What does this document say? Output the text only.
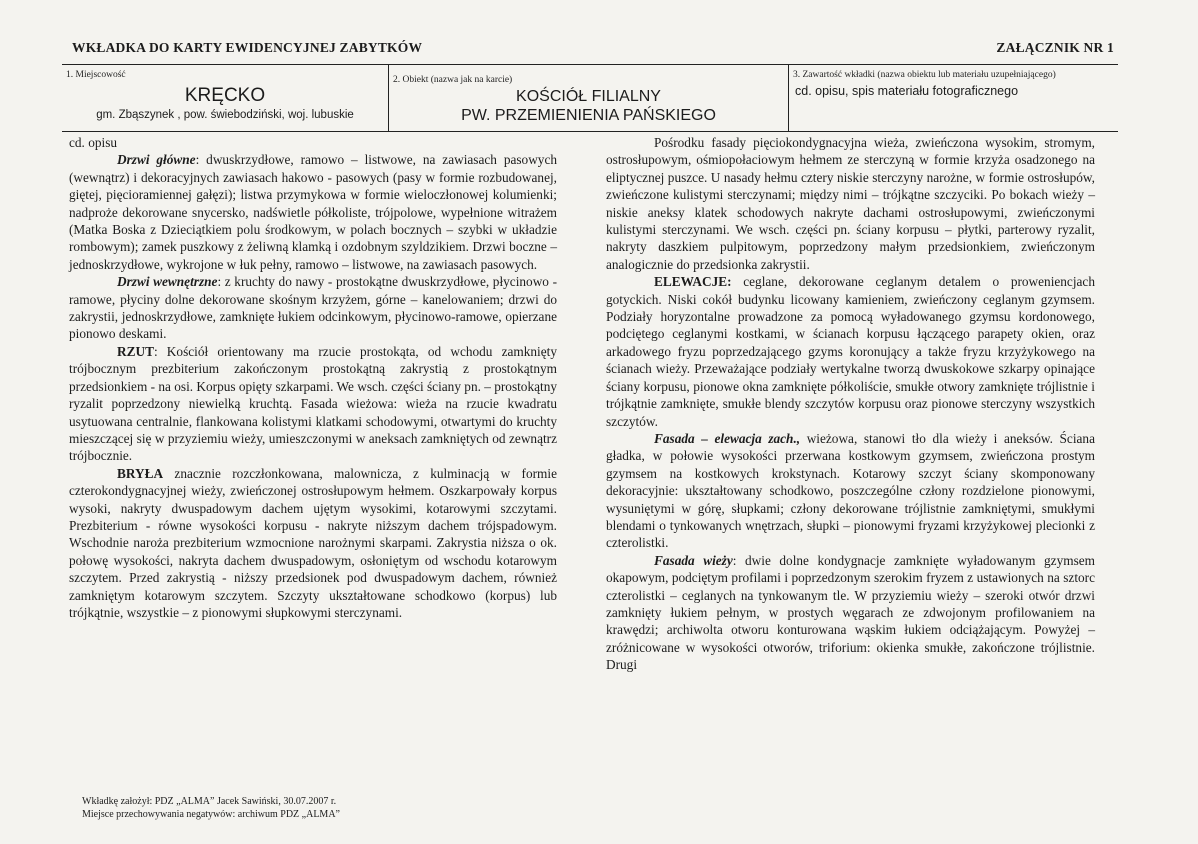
WKŁADKA DO KARTY EWIDENCYJNEJ ZABYTKÓW	ZAŁĄCZNIK NR 1
1. Miejscowość
KRĘCKO
gm. Zbąszynek , pow. świebodziński, woj. lubuskie
2. Obiekt (nazwa jak na karcie)
KOŚCIÓŁ FILIALNY
PW. PRZEMIENIENIA PAŃSKIEGO
3. Zawartość wkładki (nazwa obiektu lub materiału uzupełniającego)
cd. opisu, spis materiału fotograficznego

cd. opisu

Drzwi główne: dwuskrzydłowe, ramowo – listwowe, na zawiasach pasowych (wewnątrz) i dekoracyjnych zawiasach hakowo - pasowych (pasy w formie rozbudowanej, giętej, pięcioramiennej gałęzi); listwa przymykowa w formie wieloczłonowej kolumienki; nadproże dekorowane snycersko, nadświetle półkoliste, trójpolowe, wypełnione witrażem (Matka Boska z Dzieciątkiem polu środkowym, w polach bocznych – szybki w układzie rombowym); zamek puszkowy z żeliwną klamką i ozdobnym szyldzikiem. Drzwi boczne – jednoskrzydłowe, wykrojone w łuk pełny, ramowo – listwowe, na zawiasach pasowych.

Drzwi wewnętrzne: z kruchty do nawy - prostokątne dwuskrzydłowe, płycinowo - ramowe, płyciny dolne dekorowane skośnym krzyżem, górne – kanelowaniem; drzwi do zakrystii, jednoskrzydłowe, zamknięte łukiem odcinkowym, płycinowo-ramowe, opierzane pionowo deskami.

RZUT: Kościół orientowany ma rzucie prostokąta, od wchodu zamknięty trójbocznym prezbiterium zakończonym prostokątną zakrystią z prostokątnym przedsionkiem - na osi. Korpus opięty szkarpami. We wsch. części ściany pn. – prostokątny ryzalit poprzedzony niewielką kruchtą. Fasada wieżowa: wieża na rzucie kwadratu usytuowana centralnie, flankowana kolistymi klatkami schodowymi, otwartymi do kruchty mieszczącej się w przyziemiu wieży, umieszczonymi w aneksach zamkniętych od zewnątrz trójbocznie.

BRYŁA znacznie rozczłonkowana, malownicza, z kulminacją w formie czterokondygnacyjnej wieży, zwieńczonej ostrosłupowym hełmem. Oszkarpowały korpus wysoki, nakryty dwuspadowym dachem ujętym wysokimi, kotarowymi szczytami. Prezbiterium - równe wysokości korpusu - nakryte niższym dachem trójspadowym. Wschodnie naroża prezbiterium wzmocnione narożnymi skarpami. Zakrystia niższa o ok. połowę wysokości, nakryta dachem dwuspadowym, osłoniętym od wschodu kotarowym szczytem. Przed zakrystią - niższy przedsionek pod dwuspadowym dachem, również zamkniętym kotarowym szczytem. Szczyty ukształtowane schodkowo (korpus) lub trójkątnie, wszystkie – z pionowymi słupkowymi sterczynami.

Pośrodku fasady pięciokondygnacyjna wieża, zwieńczona wysokim, stromym, ostrosłupowym, ośmiopołaciowym hełmem ze sterczyną w formie krzyża osadzonego na eliptycznej puszce. U nasady hełmu cztery niskie sterczyny narożne, w formie ostrosłupów, zwieńczone kulistymi sterczynami; między nimi – trójkątne szczyciki. Po bokach wieży – niskie aneksy klatek schodowych nakryte dachami ostrosłupowymi, zwieńczonymi kulistymi sterczynami. We wsch. części pn. ściany korpusu – płytki, parterowy ryzalit, nakryty daszkiem pulpitowym, poprzedzony małym przedsionkiem, zwieńczonym analogicznie do przedsionka zakrystii.

ELEWACJE: ceglane, dekorowane ceglanym detalem o proweniencjach gotyckich. Niski cokół budynku licowany kamieniem, zwieńczony ceglanym gzymsem. Podziały horyzontalne prowadzone za pomocą wyładowanego gzymsu kordonowego, podciętego ceglanymi kostkami, w ścianach korpusu łączącego parapety okien, oraz arkadowego fryzu poprzedzającego gzyms koronujący a także fryzu krzyżykowego na ścianach wieży. Przeważające podziały wertykalne tworzą dwuskokowe szkarpy opinające ściany korpusu, pionowe okna zamknięte półkoliście, smukłe otwory zamknięte trójlistnie i trójkątnie zamknięte, smukłe blendy szczytów korpusu oraz pionowe sterczyny wszystkich szczytów.

Fasada – elewacja zach., wieżowa, stanowi tło dla wieży i aneksów. Ściana gładka, w połowie wysokości przerwana kostkowym gzymsem, zwieńczona prostym gzymsem na kostkowych krokstynach. Kotarowy szczyt ściany skomponowany dekoracyjnie: ukształtowany schodkowo, poszczególne człony rozdzielone pionowymi, wysuniętymi w górę, słupkami; człony dekorowane trójlistnie zamkniętymi, smukłymi blendami o tynkowanych wnętrzach, słupki – pionowymi fryzami krzyżykowej plecionki z czterolistki.

Fasada wieży: dwie dolne kondygnacje zamknięte wyładowanym gzymsem okapowym, podciętym profilami i poprzedzonym szerokim fryzem z ustawionych na sztorc czterolistki – ceglanych na tynkowanym tle. W przyziemiu wieży – szeroki otwór drzwi zamknięty łukiem pełnym, w prostych węgarach ze zdwojonym profilowaniem na krawędzi; archiwolta otworu konturowana wąskim łukiem odciążającym. Powyżej – zróżnicowane w wysokości otworów, triforium: okienka smukłe, zakończone trójlistnie. Drugi

Wkładkę założył: PDZ „ALMA” Jacek Sawiński, 30.07.2007 r.
Miejsce przechowywania negatywów: archiwum PDZ „ALMA”
